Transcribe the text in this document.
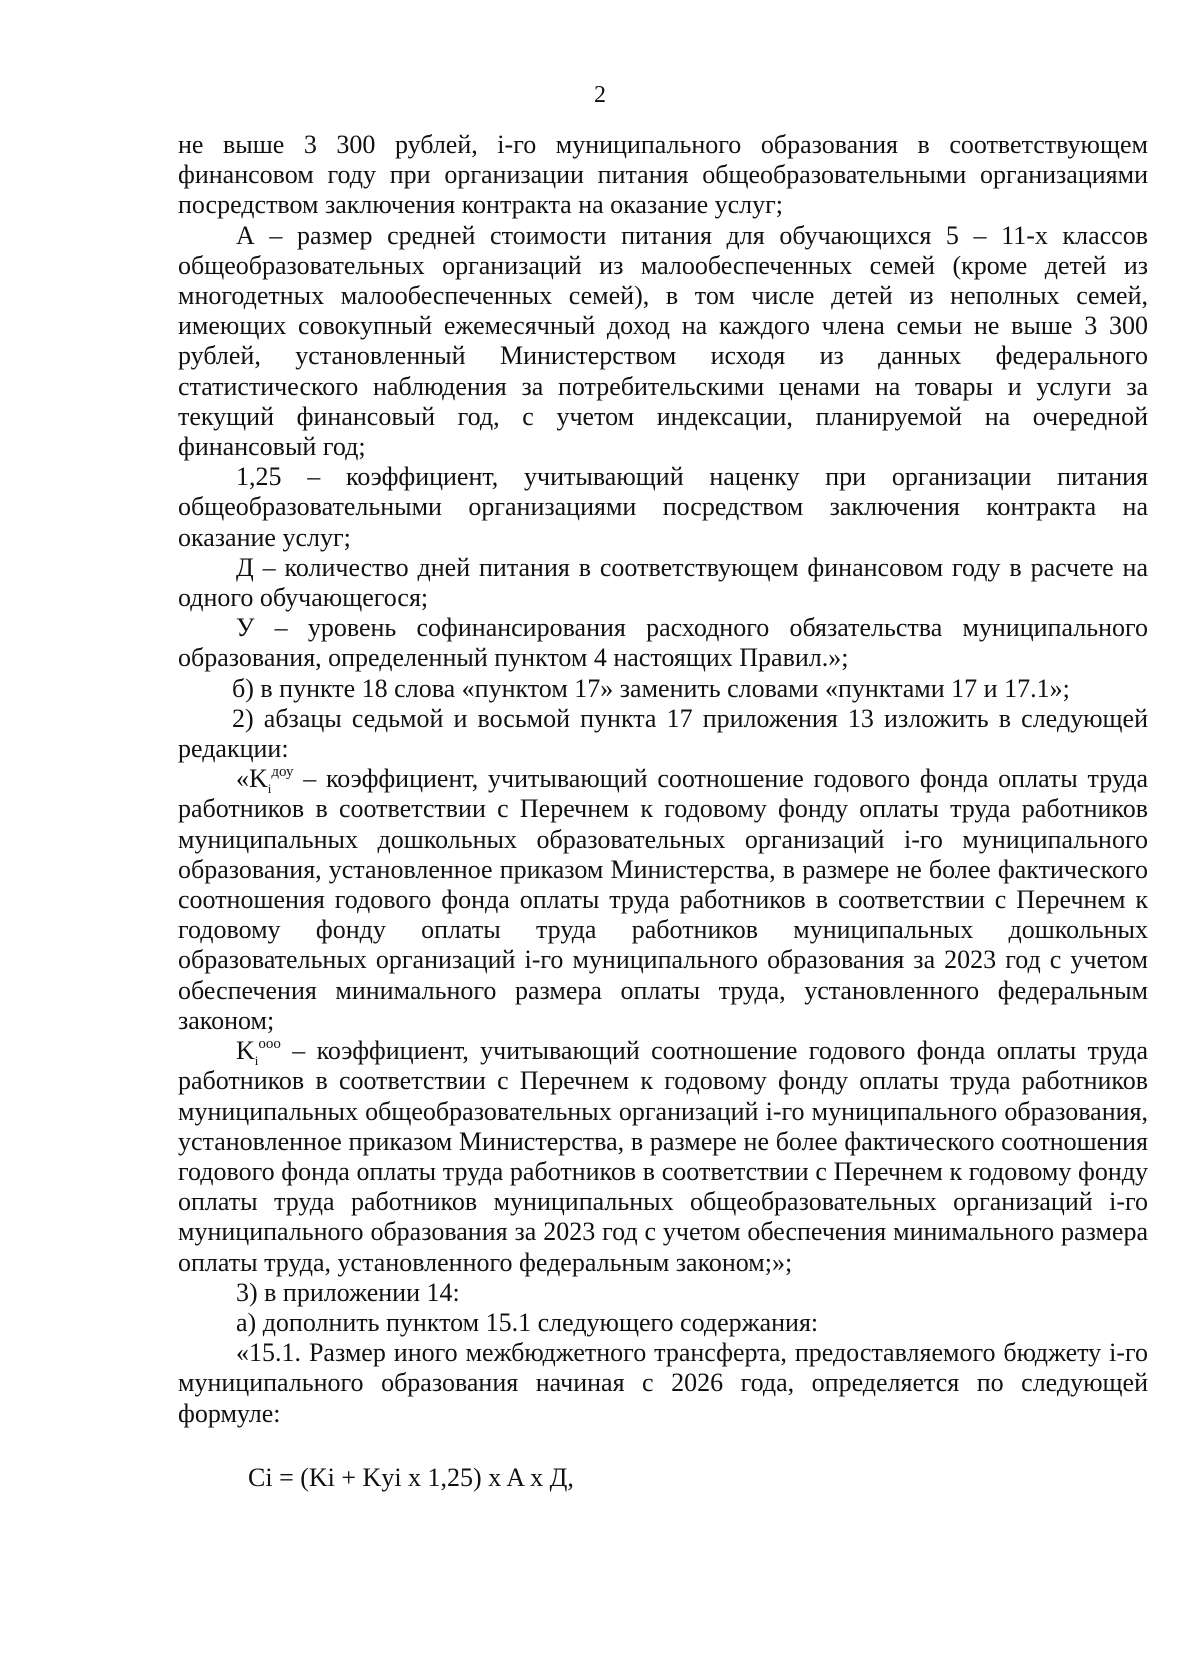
2

не выше 3 300 рублей, i-го муниципального образования в соответствующем финансовом году при организации питания общеобразовательными организациями посредством заключения контракта на оказание услуг;

А – размер средней стоимости питания для обучающихся 5 – 11-х классов общеобразовательных организаций из малообеспеченных семей (кроме детей из многодетных малообеспеченных семей), в том числе детей из неполных семей, имеющих совокупный ежемесячный доход на каждого члена семьи не выше 3 300 рублей, установленный Министерством исходя из данных федерального статистического наблюдения за потребительскими ценами на товары и услуги за текущий финансовый год, с учетом индексации, планируемой на очередной финансовый год;

1,25 – коэффициент, учитывающий наценку при организации питания общеобразовательными организациями посредством заключения контракта на оказание услуг;

Д – количество дней питания в соответствующем финансовом году в расчете на одного обучающегося;

У – уровень софинансирования расходного обязательства муниципального образования, определенный пунктом 4 настоящих Правил.»;

б) в пункте 18 слова «пунктом 17» заменить словами «пунктами 17 и 17.1»;

2) абзацы седьмой и восьмой пункта 17 приложения 13 изложить в следующей редакции:

«$K_i^{доу}$ – коэффициент, учитывающий соотношение годового фонда оплаты труда работников в соответствии с Перечнем к годовому фонду оплаты труда работников муниципальных дошкольных образовательных организаций i-го муниципального образования, установленное приказом Министерства, в размере не более фактического соотношения годового фонда оплаты труда работников в соответствии с Перечнем к годовому фонду оплаты труда работников муниципальных дошкольных образовательных организаций i-го муниципального образования за 2023 год с учетом обеспечения минимального размера оплаты труда, установленного федеральным законом;

$K_i^{ооо}$ – коэффициент, учитывающий соотношение годового фонда оплаты труда работников в соответствии с Перечнем к годовому фонду оплаты труда работников муниципальных общеобразовательных организаций i-го муниципального образования, установленное приказом Министерства, в размере не более фактического соотношения годового фонда оплаты труда работников в соответствии с Перечнем к годовому фонду оплаты труда работников муниципальных общеобразовательных организаций i-го муниципального образования за 2023 год с учетом обеспечения минимального размера оплаты труда, установленного федеральным законом;»;

3) в приложении 14:

а) дополнить пунктом 15.1 следующего содержания:

«15.1. Размер иного межбюджетного трансферта, предоставляемого бюджету i-го муниципального образования начиная с 2026 года, определяется по следующей формуле:

Ci = (Ki + Kyi x 1,25) x A x Д,
